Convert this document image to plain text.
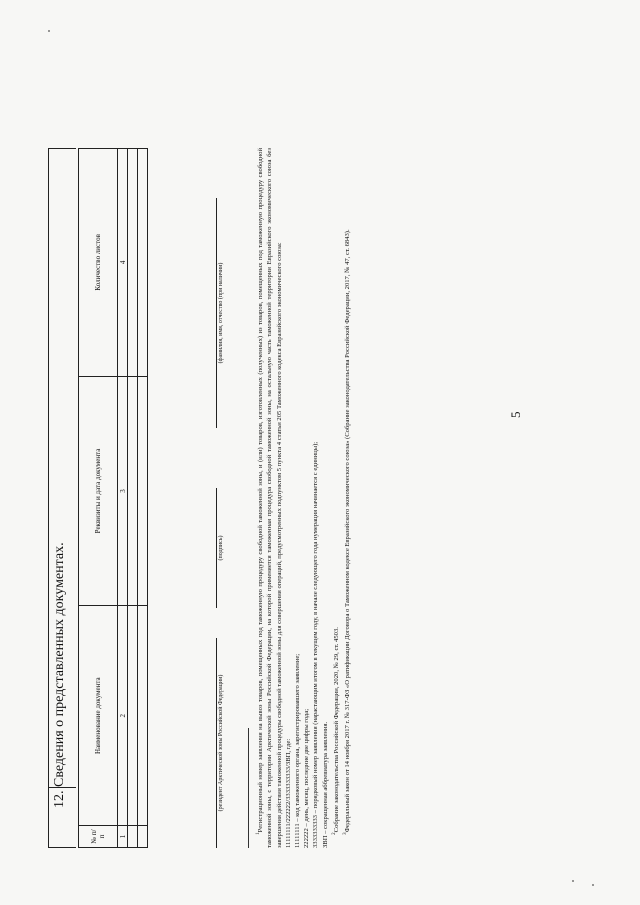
5
12. Сведения о представленных документах.
№ п/п	Наименование документа	Реквизиты и дата документа	Количество листов
1	2	3	4

(резидент Арктической зоны Российской Федерации)
(подпись)
(фамилия, имя, отчество (при наличии)

  $^1$Регистрационный номер заявления на вывоз товаров, помещенных под таможенную процедуру свободной таможенной зоны, и (или) товаров, изготовленных (полученных) из товаров, помещенных под таможенную процедуру свободной таможенной зоны, с территории Арктической зоны Российской Федерации, на которой применяется таможенная процедура свободной таможенной зоны, на остальную часть таможенной территории Евразийского экономического союза без завершения действия таможенной процедуры свободной таможенной зоны для совершения операций, предусмотренных подпунктом 5 пункта 4 статьи 205 Таможенного кодекса Евразийского экономического союза: 11111111/222222/3333333333/ЗВП, где: 11111111 – код таможенного органа, зарегистрировавшего заявление; 222222 – день, месяц, последние две цифры года; 3333333333 – порядковый номер заявления (нарастающим итогом в текущем году, в начале следующего года нумерация начинается с единицы); ЗВП – сокращенная аббревиатура заявления.

   $^2$Собрание законодательства Российской Федерации, 2020, № 29, ст. 4503.

  $^3$Федеральный закон от 14 ноября 2017 г. № 317-ФЗ «О ратификации Договора о Таможенном кодексе Евразийского экономического союза» (Собрание законодательства Российской Федерации, 2017, № 47, ст. 6843).
